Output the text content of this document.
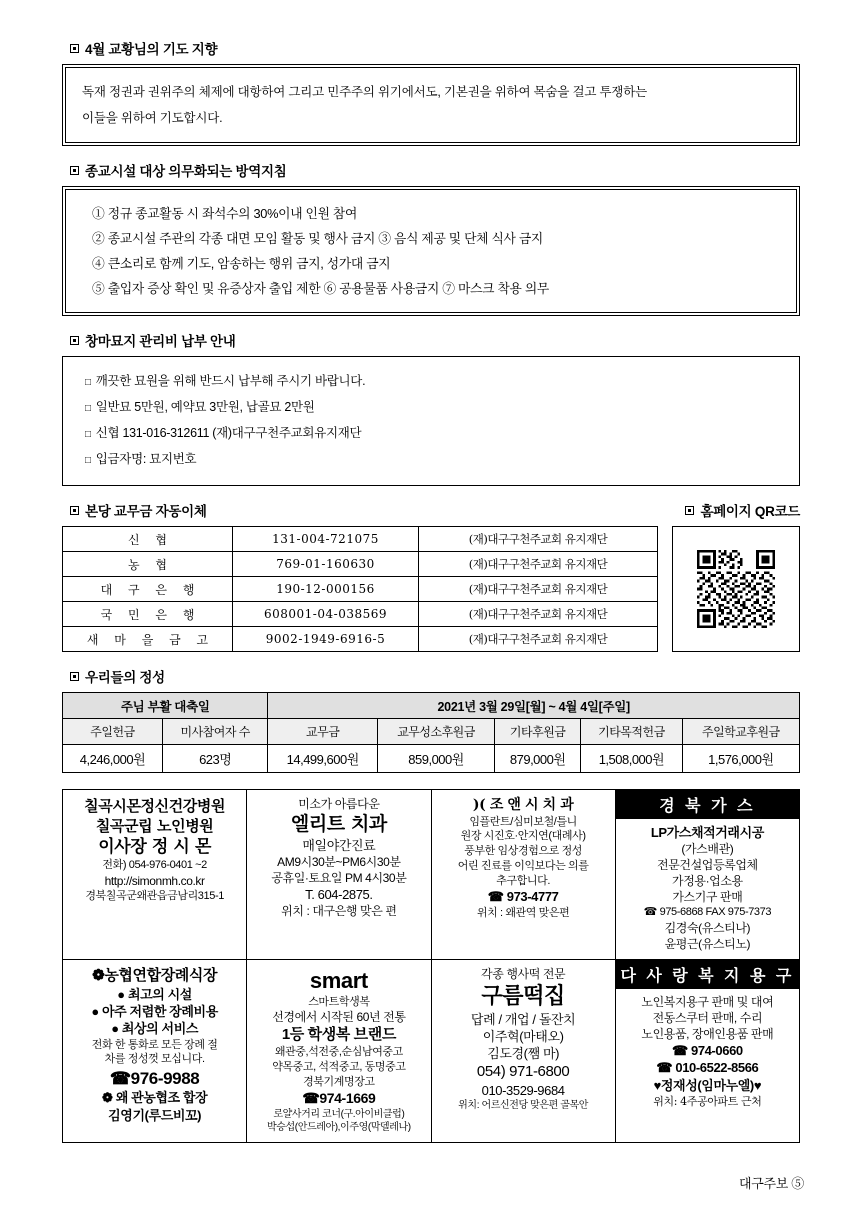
4월 교황님의 기도 지향
독재 정권과 권위주의 체제에 대항하여 그리고 민주주의 위기에서도, 기본권을 위하여 목숨을 걸고 투쟁하는
이들을 위하여 기도합시다.
종교시설 대상 의무화되는 방역지침
① 정규 종교활동 시 좌석수의 30%이내 인원 참여
② 종교시설 주관의 각종 대면 모임 활동 및 행사 금지 ③ 음식 제공 및 단체 식사 금지
④ 큰소리로 함께 기도, 암송하는 행위 금지, 성가대 금지
⑤ 출입자 증상 확인 및 유증상자 출입 제한 ⑥ 공용물품 사용금지 ⑦ 마스크 착용 의무
창마묘지 관리비 납부 안내
□ 깨끗한 묘원을 위해 반드시 납부해 주시기 바랍니다.
□ 일반묘 5만원, 예약묘 3만원, 납골묘 2만원
□ 신협 131-016-312611 (재)대구구천주교회유지재단
□ 입금자명: 묘지번호
본당 교무금 자동이체	홈페이지 QR코드
신 협	131-004-721075	(재)대구구천주교회 유지재단
농 협	769-01-160630	(재)대구구천주교회 유지재단
대 구 은 행	190-12-000156	(재)대구구천주교회 유지재단
국 민 은 행	608001-04-038569	(재)대구구천주교회 유지재단
새 마 을 금 고	9002-1949-6916-5	(재)대구구천주교회 유지재단
우리들의 정성
주님 부활 대축일		2021년 3월 29일[월] ~ 4월 4일[주일]				
주일헌금	미사참여자 수	교무금	교무성소후원금	기타후원금	기타목적헌금	주일학교후원금
4,246,000원	623명	14,499,600원	859,000원	879,000원	1,508,000원	1,576,000원
칠곡시몬정신건강병원
칠곡군립 노인병원
이사장 정 시 몬
전화) 054-976-0401 ~2
http://simonmh.co.kr
경북칠곡군왜관읍금남리315-1
미소가 아름다운
엘리트 치과
매일야간진료
AM9시30분~PM6시30분
공휴일·토요일 PM 4시30분
T. 604-2875.
위치 : 대구은행 맞은 편
)( 조 앤 시 치 과
임플란트/심미보철/틀니
원장 시진호·안지연(대례사)
풍부한 임상경험으로 정성
어린 진료를 이익보다는 의를
추구합니다.
☎ 973-4777
위치 : 왜관역 맞은편
경 북 가 스
LP가스채적거래시공
(가스배관)
전문건설업등록업체
가정용·업소용
가스기구 판매
☎ 975-6868 FAX 975-7373
김경숙(유스티나)
윤평근(유스티노)
❁농협연합장례식장
● 최고의 시설
● 아주 저렴한 장례비용
● 최상의 서비스
전화 한 통화로 모든 장례 절
차를 정성껏 모십니다.
☎976-9988
❁ 왜 관농협조 합장
김영기(루드비꼬)
smart
스마트학생복
선경에서 시작된 60년 전통
1등 학생복 브랜드
왜관중,석전중,순심남여중고
약목중고, 석적중고, 동명중고
경북기계명장고
☎974-1669
로얄사거리 코너(구.아이비클럽)
박승섭(안드레아),이주영(막델레나)
각종 행사떡 전문
구름떡집
답례 / 개업 / 돌잔치
이주혁(마태오)
김도경(쨈 마)
054) 971-6800
010-3529-9684
위치: 어르신전당 맞은편 골목안
다 사 랑 복 지 용 구
노인복지용구 판매 및 대여
전동스쿠터 판매, 수리
노인용품, 장애인용품 판매
☎ 974-0660
☎ 010-6522-8566
♥정재성(임마누엘)♥
위치: 4주공아파트 근처
대구주보 ⑤
